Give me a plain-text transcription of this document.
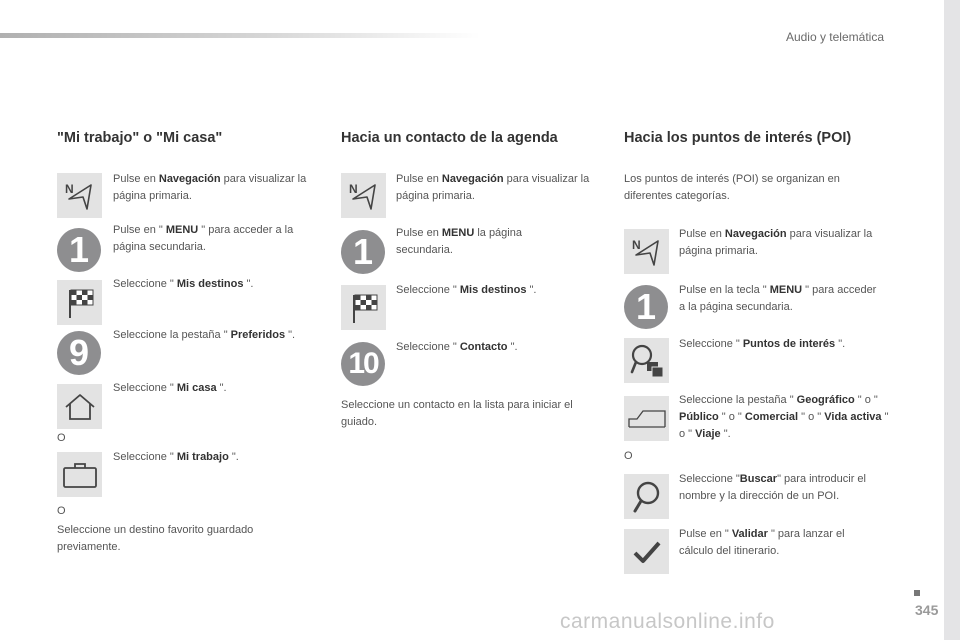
Audio y telemática
"Mi trabajo" o "Mi casa"
N
Pulse en Navegación para visualizar la página primaria.
1	Pulse en " MENU " para acceder a la página secundaria.
Seleccione " Mis destinos ".
9	Seleccione la pestaña " Preferidos ".
Seleccione " Mi casa ".
O
Seleccione " Mi trabajo ".
O
Seleccione un destino favorito guardado previamente.
Hacia un contacto de la agenda
N
Pulse en Navegación para visualizar la página primaria.
1	Pulse en MENU la página secundaria.
Seleccione " Mis destinos ".
10	Seleccione " Contacto ".
Seleccione un contacto en la lista para iniciar el guiado.
Hacia los puntos de interés (POI)
Los puntos de interés (POI) se organizan en diferentes categorías.
N
Pulse en Navegación para visualizar la página primaria.
1	Pulse en la tecla " MENU " para acceder a la página secundaria.
Seleccione " Puntos de interés ".
Seleccione la pestaña " Geográfico " o " Público " o " Comercial " o " Vida activa " o " Viaje ".
O
Seleccione "Buscar" para introducir el nombre y la dirección de un POI.
Pulse en " Validar " para lanzar el cálculo del itinerario.
345
carmanualsonline.info
